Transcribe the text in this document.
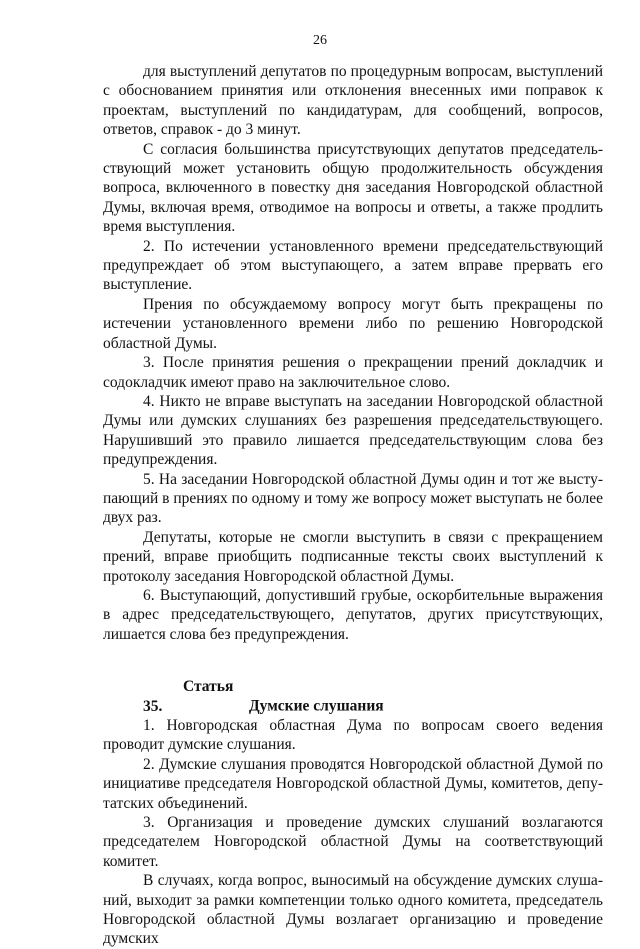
26

для выступлений депутатов по процедурным вопросам, выступлений с обоснованием принятия или отклонения внесенных ими поправок к проектам, выступлений по кандидатурам, для сообщений, вопросов, ответов, справок - до 3 минут.

С согласия большинства присутствующих депутатов председательствующий может установить общую продолжительность обсуждения вопроса, включенного в повестку дня заседания Новгородской областной Думы, включая время, отводимое на вопросы и ответы, а также продлить время выступления.

2. По истечении установленного времени председательствующий предупреждает об этом выступающего, а затем вправе прервать его выступление.

Прения по обсуждаемому вопросу могут быть прекращены по истечении установленного времени либо по решению Новгородской областной Думы.

3. После принятия решения о прекращении прений докладчик и содокладчик имеют право на заключительное слово.

4. Никто не вправе выступать на заседании Новгородской областной Думы или думских слушаниях без разрешения председательствующего. Нарушивший это правило лишается председательствующим слова без предупреждения.

5. На заседании Новгородской областной Думы один и тот же выступающий в прениях по одному и тому же вопросу может выступать не более двух раз.

Депутаты, которые не смогли выступить в связи с прекращением прений, вправе приобщить подписанные тексты своих выступлений к протоколу заседания Новгородской областной Думы.

6. Выступающий, допустивший грубые, оскорбительные выражения в адрес председательствующего, депутатов, других присутствующих, лишается слова без предупреждения.

Статья 35.	Думские слушания

1. Новгородская областная Дума по вопросам своего ведения проводит думские слушания.

2. Думские слушания проводятся Новгородской областной Думой по инициативе председателя Новгородской областной Думы, комитетов, депутатских объединений.

3. Организация и проведение думских слушаний возлагаются председателем Новгородской областной Думы на соответствующий комитет.

В случаях, когда вопрос, выносимый на обсуждение думских слушаний, выходит за рамки компетенции только одного комитета, председатель Новгородской областной Думы возлагает организацию и проведение думских
